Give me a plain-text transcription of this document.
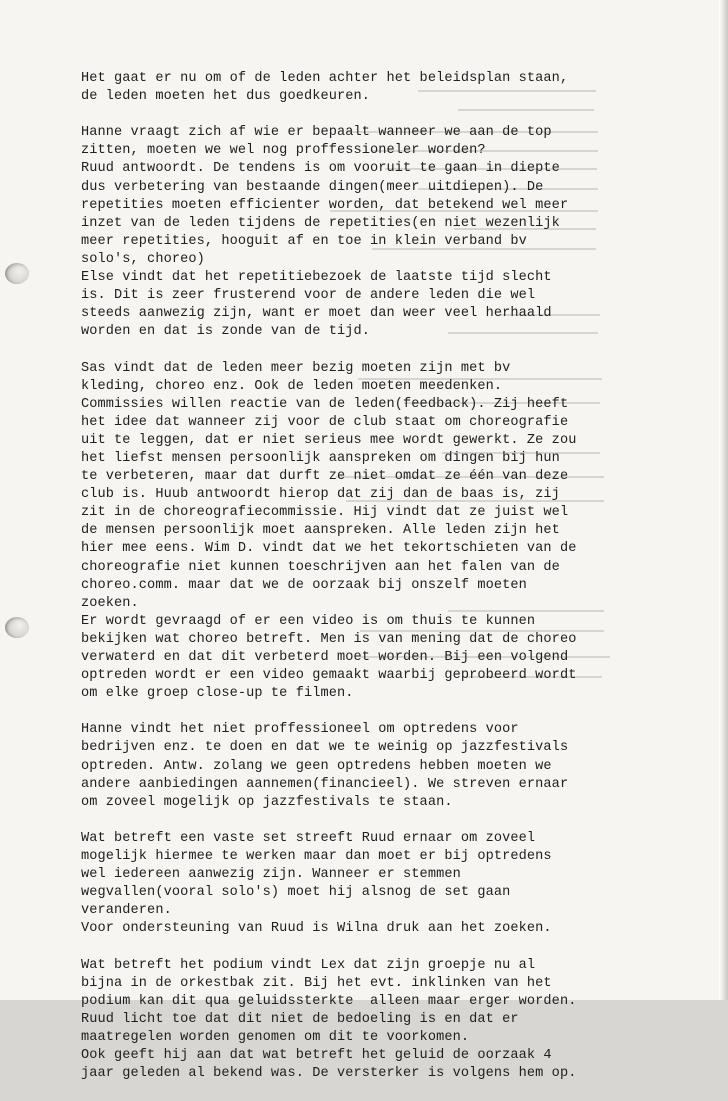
Het gaat er nu om of de leden achter het beleidsplan staan,
de leden moeten het dus goedkeuren.
Hanne vraagt zich af wie er bepaalt wanneer we aan de top
zitten, moeten we wel nog proffessioneler worden?
Ruud antwoordt. De tendens is om vooruit te gaan in diepte
dus verbetering van bestaande dingen(meer uitdiepen). De
repetities moeten efficienter worden, dat betekend wel meer
inzet van de leden tijdens de repetities(en niet wezenlijk
meer repetities, hooguit af en toe in klein verband bv
solo's, choreo)
Else vindt dat het repetitiebezoek de laatste tijd slecht
is. Dit is zeer frusterend voor de andere leden die wel
steeds aanwezig zijn, want er moet dan weer veel herhaald
worden en dat is zonde van de tijd.
Sas vindt dat de leden meer bezig moeten zijn met bv
kleding, choreo enz. Ook de leden moeten meedenken.
Commissies willen reactie van de leden(feedback). Zij heeft
het idee dat wanneer zij voor de club staat om choreografie
uit te leggen, dat er niet serieus mee wordt gewerkt. Ze zou
het liefst mensen persoonlijk aanspreken om dingen bij hun
te verbeteren, maar dat durft ze niet omdat ze één van deze
club is. Huub antwoordt hierop dat zij dan de baas is, zij
zit in de choreografiecommissie. Hij vindt dat ze juist wel
de mensen persoonlijk moet aanspreken. Alle leden zijn het
hier mee eens. Wim D. vindt dat we het tekortschieten van de
choreografie niet kunnen toeschrijven aan het falen van de
choreo.comm. maar dat we de oorzaak bij onszelf moeten
zoeken.
Er wordt gevraagd of er een video is om thuis te kunnen
bekijken wat choreo betreft. Men is van mening dat de choreo
verwaterd en dat dit verbeterd moet worden. Bij een volgend
optreden wordt er een video gemaakt waarbij geprobeerd wordt
om elke groep close-up te filmen.
Hanne vindt het niet proffessioneel om optredens voor
bedrijven enz. te doen en dat we te weinig op jazzfestivals
optreden. Antw. zolang we geen optredens hebben moeten we
andere aanbiedingen aannemen(financieel). We streven ernaar
om zoveel mogelijk op jazzfestivals te staan.
Wat betreft een vaste set streeft Ruud ernaar om zoveel
mogelijk hiermee te werken maar dan moet er bij optredens
wel iedereen aanwezig zijn. Wanneer er stemmen
wegvallen(vooral solo's) moet hij alsnog de set gaan
veranderen.
Voor ondersteuning van Ruud is Wilna druk aan het zoeken.
Wat betreft het podium vindt Lex dat zijn groepje nu al
bijna in de orkestbak zit. Bij het evt. inklinken van het
podium kan dit qua geluidssterkte  alleen maar erger worden.
Ruud licht toe dat dit niet de bedoeling is en dat er
maatregelen worden genomen om dit te voorkomen.
Ook geeft hij aan dat wat betreft het geluid de oorzaak 4
jaar geleden al bekend was. De versterker is volgens hem op.
